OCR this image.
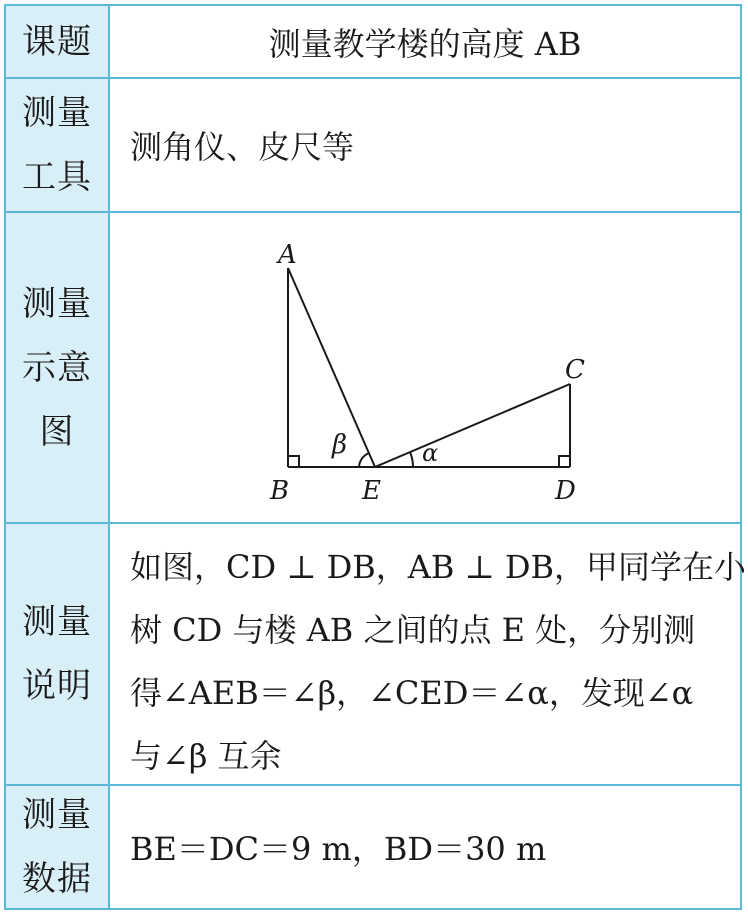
课题	测量教学楼的高度 AB
测量
工具
测角仪、皮尺等
测量
示意
图
A
B
C
D
E
β	α
测量
说明
如图，CD ⊥ DB，AB ⊥ DB，甲同学在小
树 CD 与楼 AB 之间的点 E 处，分别测
得∠AEB＝∠β，∠CED＝∠α，发现∠α
与∠β 互余
测量
数据
BE＝DC＝9 m，BD＝30 m
